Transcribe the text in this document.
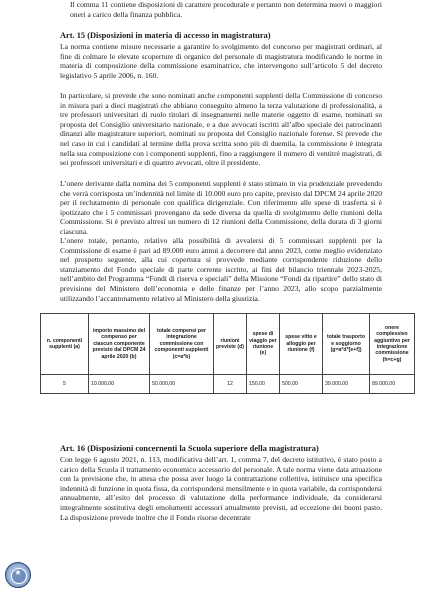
Il comma 11 contiene disposizioni di carattere procedurale e pertanto non determina nuovi o maggiori oneri a carico della finanza pubblica.

Art. 15 (Disposizioni in materia di accesso in magistratura)

La norma contiene misure necessarie a garantire lo svolgimento del concorso per magistrati ordinari, al fine di colmare le elevate scoperture di organico del personale di magistratura modificando le norme in materia di composizione della commissione esaminatrice, che intervengono sull’articolo 5 del decreto legislativo 5 aprile 2006, n. 160.

In particolare, si prevede che sono nominati anche componenti supplenti della Commissione di concorso in misura pari a dieci magistrati che abbiano conseguito almeno la terza valutazione di professionalità, a tre professori universitari di ruolo titolari di insegnamenti nelle materie oggetto di esame, nominati su proposta del Consiglio universitario nazionale, e a due avvocati iscritti all’albo speciale dei patrocinanti dinanzi alle magistrature superiori, nominati su proposta del Consiglio nazionale forense. Si prevede che nel caso in cui i candidati al termine della prova scritta sono più di duemila, la commissione è integrata nella sua composizione con i componenti supplenti, fino a raggiungere il numero di ventitré magistrati, di sei professori universitari e di quattro avvocati, oltre il presidente.

L’onere derivante dalla nomina dei 5 componenti supplenti è stato stimato in via prudenziale prevedendo che verrà corrisposta un’indennità nel limite di 10.000 euro pro capite, previsto dal DPCM 24 aprile 2020 per il reclutamento di personale con qualifica dirigenziale. Con riferimento alle spese di trasferta si è ipotizzato che i 5 commissari provengano da sede diversa da quella di svolgimento delle riunioni della Commissione. Si è previsto altresì un numero di 12 riunioni della Commissione, della durata di 3 giorni ciascuna.

L’onere totale, pertanto, relativo alla possibilità di avvalersi di 5 commissari supplenti per la Commissione di esame è pari ad 89.000 euro annui a decorrere dal anno 2023, come meglio evidenziato nel prospetto seguente, alla cui copertura si provvede mediante corrispondente riduzione dello stanziamento del Fondo speciale di parte corrente iscritto, ai fini del bilancio triennale 2023-2025, nell’ambito del Programma “Fondi di riserva e speciali” della Missione “Fondi da ripartire” dello stato di previsione del Ministero dell’economia e delle finanze per l’anno 2023, allo scopo parzialmente utilizzando l’accantonamento relativo al Ministero della giustizia.

n. componenti supplenti (a)	importo massimo del compenso per ciascun componente previsto dal DPCM 24 aprile 2020 (b)	totale compensi per integrazione commissione con componenti supplenti (c=a*b)	riunioni previste (d)	spese di viaggio per riunione (e)	spese vitto e alloggio per riunione (f)	totale trasporto e soggiorno (g=a*d*[e+f])	onere complessivo aggiuntivo per integrazione commissione (h=c+g)
5	10.000,00	50.000,00	12	150,00	500,00	39.000,00	89.000,00
Art. 16 (Disposizioni concernenti la Scuola superiore della magistratura)

Con legge 6 agosto 2021, n. 113, modificativa dell’art. 1, comma 7, del decreto istitutivo, è stato posto a carico della Scuola il trattamento economico accessorio del personale. A tale norma viene data attuazione con la previsione che, in attesa che possa aver luogo la contrattazione collettiva, istituisce una specifica indennità di funzione in quota fissa, da corrispondersi mensilmente e in quota variabile, da corrispondersi annualmente, all’esito del processo di valutazione della performance individuale, da considerarsi integralmente sostitutiva degli emolumenti accessori attualmente previsti, ad eccezione dei buoni pasto. La disposizione prevede inoltre che il Fondo risorse decentrate

★
